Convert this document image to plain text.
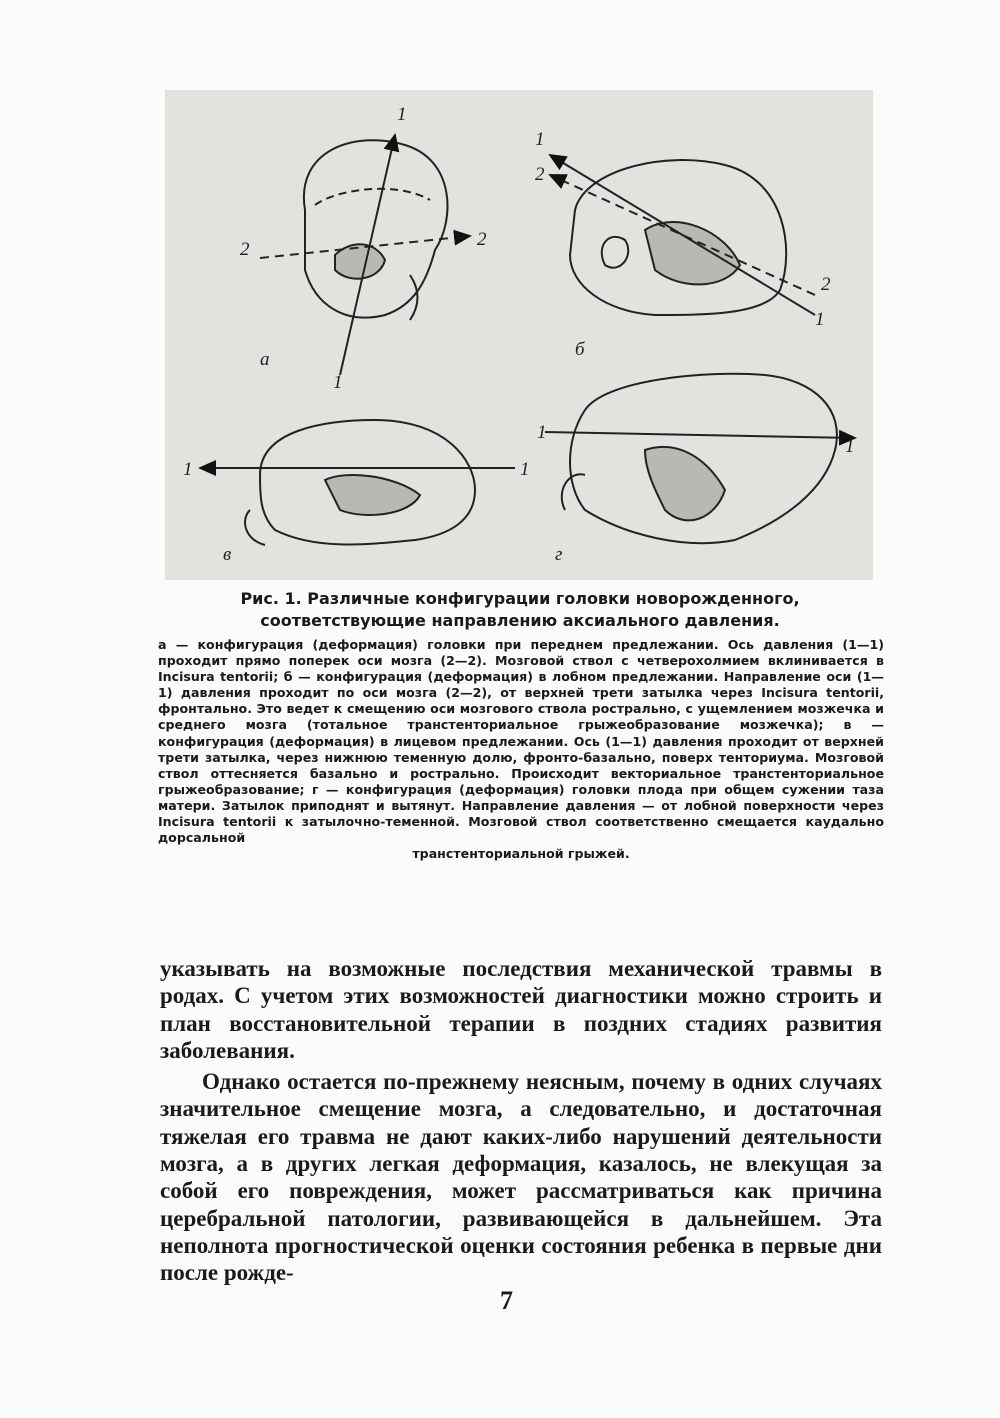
а	б
в	г
1
1
2	2
1
2
2
1
1	1
1
1
Рис. 1. Различные конфигурации головки новорожденного, соответствующие направлению аксиального давления.
а — конфигурация (деформация) головки при переднем предлежании. Ось давления (1—1) проходит прямо поперек оси мозга (2—2). Мозговой ствол с четверохолмием вклинивается в Incisura tentorii; б — конфигурация (деформация) в лобном предлежании. Направление оси (1—1) давления проходит по оси мозга (2—2), от верхней трети затылка через Incisura tentorii, фронтально. Это ведет к смещению оси мозгового ствола рострально, с ущемлением мозжечка и среднего мозга (тотальное транстенториальное грыжеобразование мозжечка); в — конфигурация (деформация) в лицевом предлежании. Ось (1—1) давления проходит от верхней трети затылка, через нижнюю теменную долю, фронто-базально, поверх тенториума. Мозговой ствол оттесняется базально и рострально. Происходит векториальное транстенториальное грыжеобразование; г — конфигурация (деформация) головки плода при общем сужении таза матери. Затылок приподнят и вытянут. Направление давления — от лобной поверхности через Incisura tentorii к затылочно-теменной. Мозговой ствол соответственно смещается каудально дорсальной
транстенториальной грыжей.

указывать на возможные последствия механической травмы в родах. С учетом этих возможностей диагностики можно строить и план восстановительной терапии в поздних стадиях развития заболевания.

Однако остается по-прежнему неясным, почему в одних случаях значительное смещение мозга, а следовательно, и достаточная тяжелая его травма не дают каких-либо нарушений деятельности мозга, а в других легкая деформация, казалось, не влекущая за собой его повреждения, может рассматриваться как причина церебральной патологии, развивающейся в дальнейшем. Эта неполнота прогностической оценки состояния ребенка в первые дни после рожде-

7
